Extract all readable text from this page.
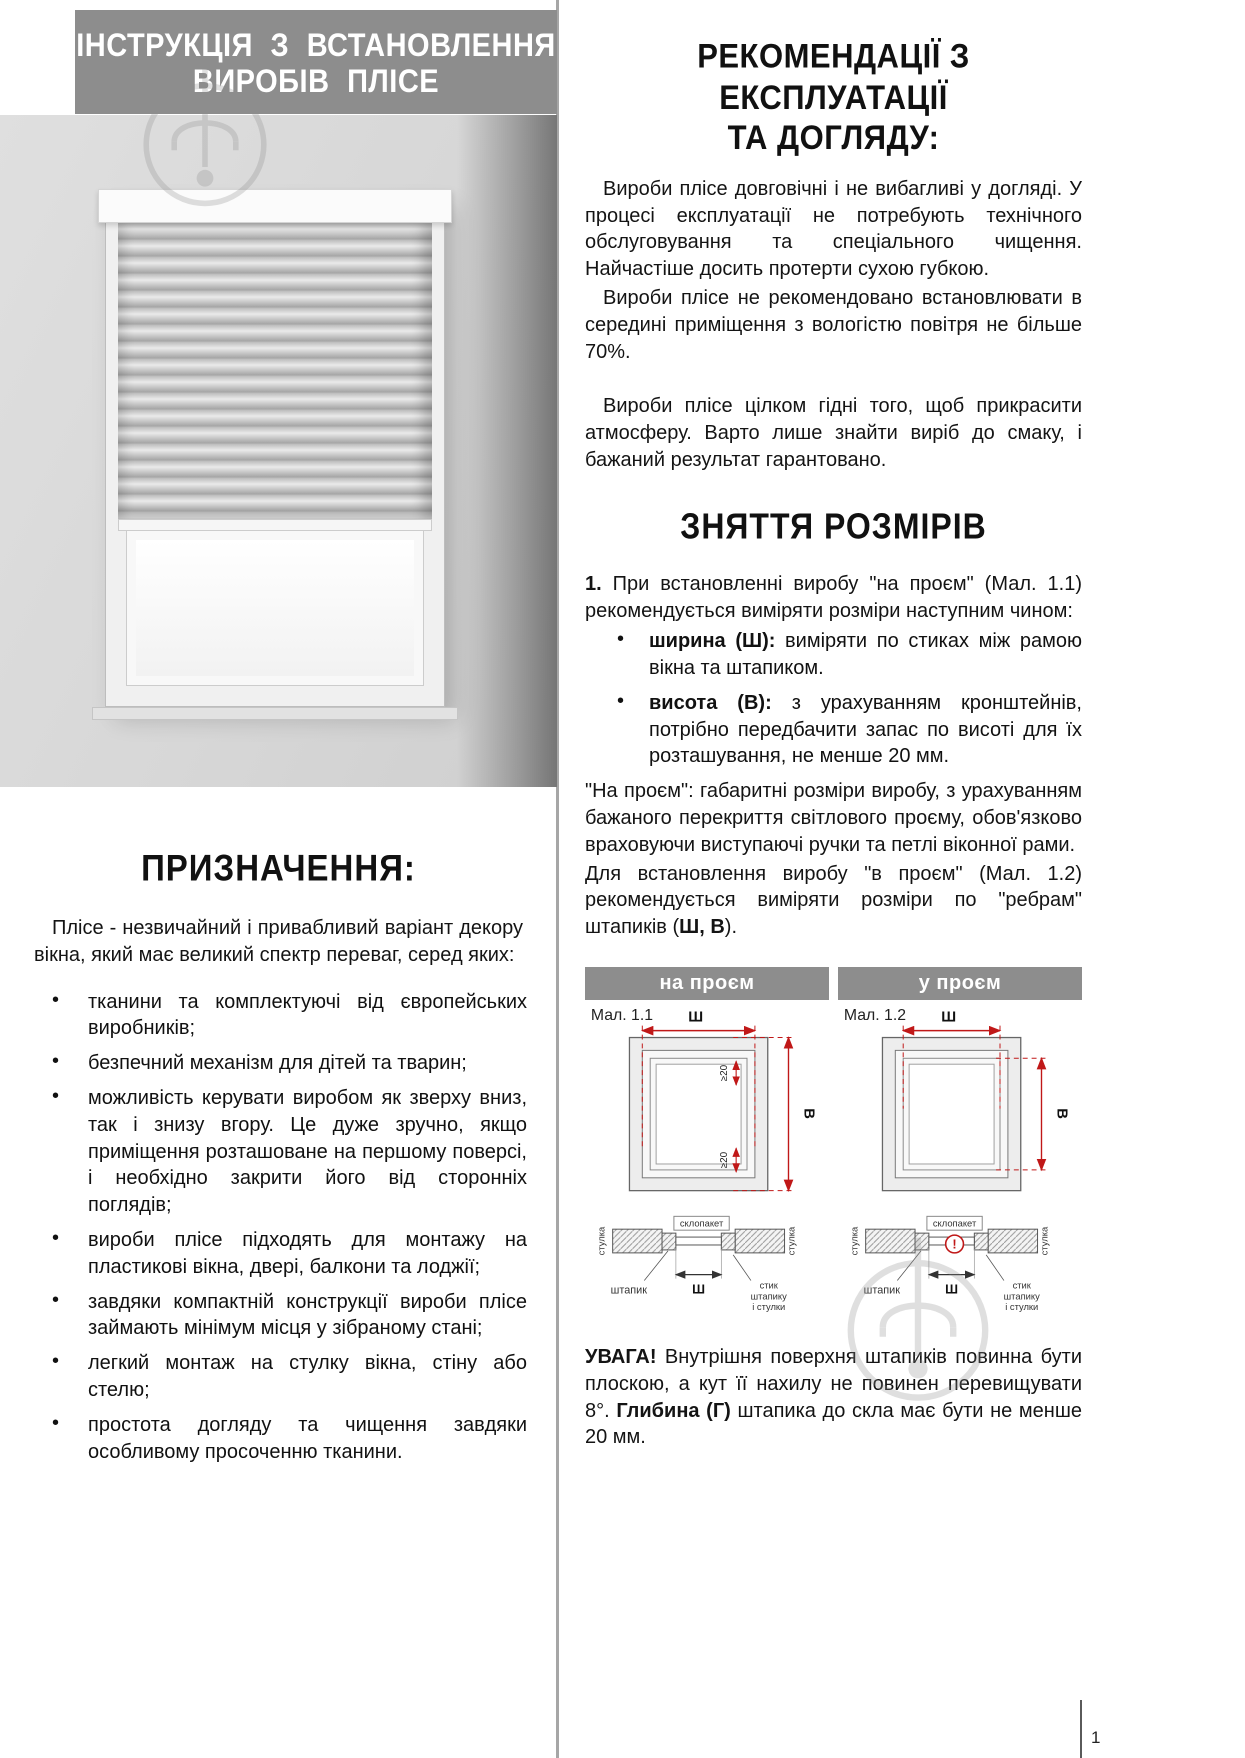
ІНСТРУКЦІЯ З ВСТАНОВЛЕННЯ
ВИРОБІВ ПЛІСЕ
ПРИЗНАЧЕННЯ:

Плісе - незвичайний і привабливий варіант декору вікна, який має великий спектр переваг, серед яких:

•	тканини та комплектуючі від європейських виробників;
•	безпечний механізм для дітей та тварин;
•	можливість керувати виробом як зверху вниз, так і знизу вгору. Це дуже зручно, якщо приміщення розташоване на першому поверсі, і необхідно закрити його від сторонніх поглядів;
•	вироби плісе підходять для монтажу на пластикові вікна, двері, балкони та лоджії;
•	завдяки компактній конструкції вироби плісе займають мінімум місця у зібраному стані;
•	легкий монтаж на стулку вікна, стіну або стелю;
•	простота догляду та чищення завдяки особливому просоченню тканини.
РЕКОМЕНДАЦІЇ З ЕКСПЛУАТАЦІЇ
ТА ДОГЛЯДУ:

Вироби плісе довговічні і не вибагливі у догляді. У процесі експлуатації не потребують технічного обслуговування та спеціального чищення. Найчастіше досить протерти сухою губкою.

Вироби плісе не рекомендовано встановлювати в середині приміщення з вологістю повітря не більше 70%.

Вироби плісе цілком гідні того, щоб прикрасити атмосферу. Варто лише знайти виріб до смаку, і бажаний результат гарантовано.

ЗНЯТТЯ РОЗМІРІВ

1. При встановленні виробу "на проєм" (Мал. 1.1) рекомендується виміряти розміри наступним чином:

•	ширина (Ш): виміряти по стиках між рамою вікна та штапиком.
•	висота (В): з урахуванням кронштейнів, потрібно передбачити запас по висоті для їх розташування, не менше 20 мм.

"На проєм": габаритні розміри виробу, з урахуванням бажаного перекриття світлового проєму, обов'язково враховуючи виступаючі ручки та петлі віконної рами.

Для встановлення виробу "в проєм" (Мал. 1.2) рекомендується виміряти розміри по "ребрам" штапиків (Ш, В).

на проєм
Мал. 1.1 Ш
В
≥20
≥20
склопакет
стулка	стулка
штапик	Ш	стик
штапику
і стулки
у проєм
Мал. 1.2 Ш
В
склопакет
стулка	стулка
!
штапик	Ш	стик
штапику
і стулки

УВАГА! Внутрішня поверхня штапиків повинна бути плоскою, а кут її нахилу не повинен перевищувати 8°. Глибина (Г) штапика до скла має бути не менше 20 мм.

1
